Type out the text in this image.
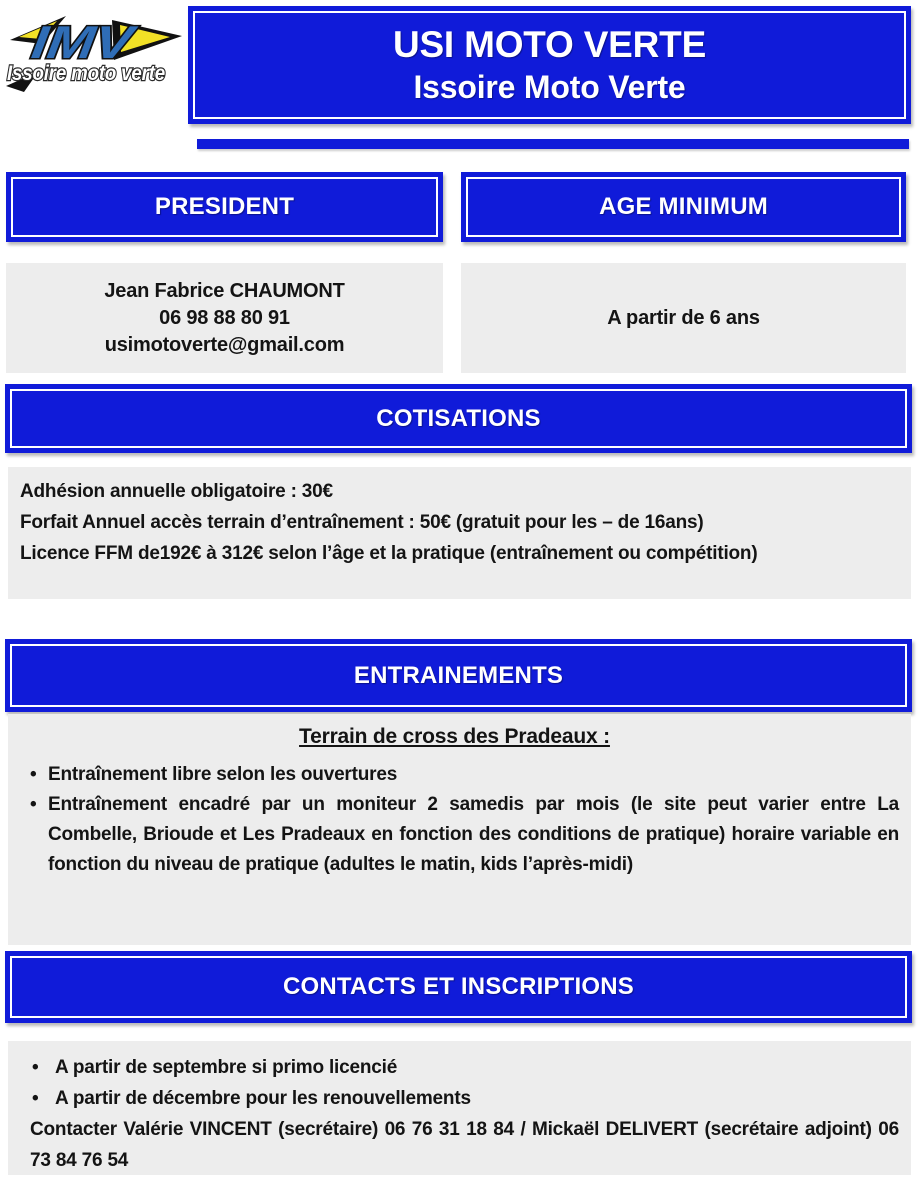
IMV
Issoire moto verte
USI MOTO VERTE
Issoire Moto Verte
PRESIDENT	AGE MINIMUM
Jean Fabrice CHAUMONT
06 98 88 80 91
usimotoverte@gmail.com
A partir de 6 ans
COTISATIONS
Adhésion annuelle obligatoire : 30€
Forfait Annuel accès terrain d’entraînement : 50€ (gratuit pour les – de 16ans)
Licence FFM de192€ à 312€ selon l’âge et la pratique (entraînement ou compétition)
ENTRAINEMENTS
Terrain de cross des Pradeaux :
• Entraînement libre selon les ouvertures
• Entraînement encadré par un moniteur 2 samedis par mois (le site peut varier entre La Combelle, Brioude et Les Pradeaux en fonction des conditions de pratique) horaire variable en fonction du niveau de pratique (adultes le matin, kids l’après-midi)
CONTACTS ET INSCRIPTIONS
• A partir de septembre si primo licencié
• A partir de décembre pour les renouvellements
Contacter Valérie VINCENT (secrétaire) 06 76 31 18 84 / Mickaël DELIVERT (secrétaire adjoint) 06 73 84 76 54
